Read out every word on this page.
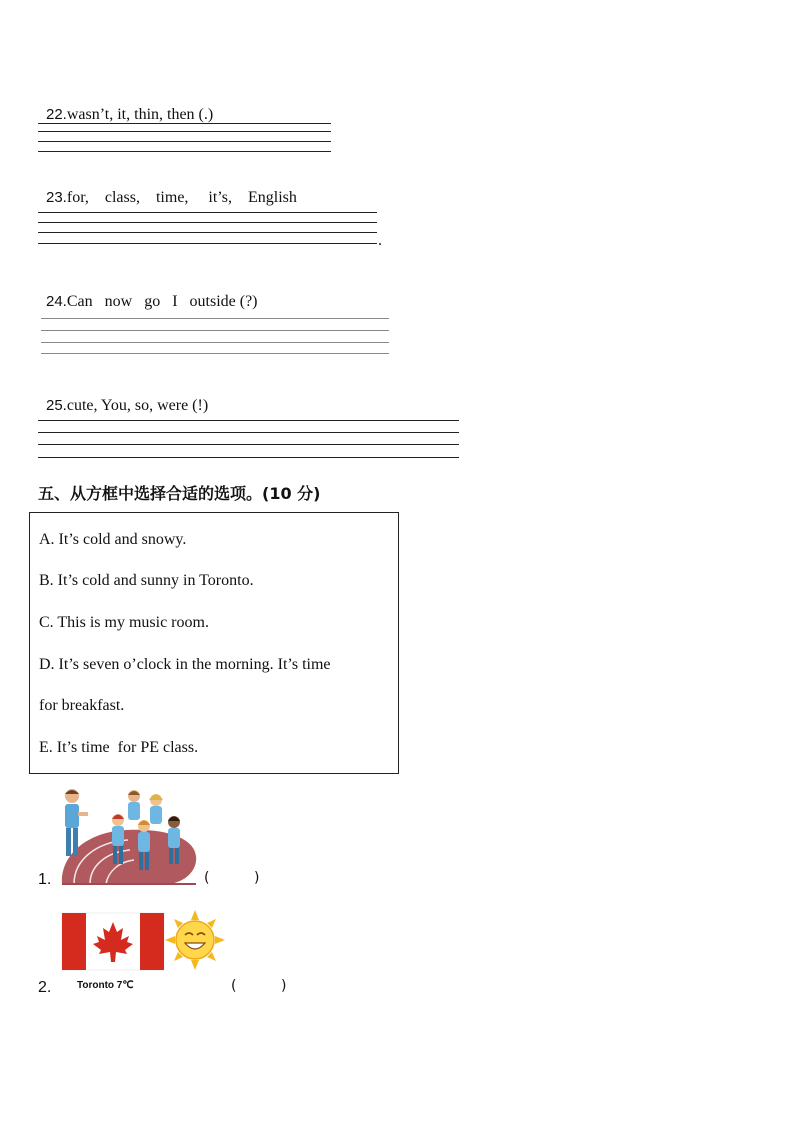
22.wasn’t, it, thin, then (.)

23.for,    class,    time,     it’s,    English

.

24.Can   now   go   I   outside (?)

25.cute, You, so, were (!)

五、从方框中选择合适的选项。(10 分)
A. It’s cold and snowy.
B. It’s cold and sunny in Toronto.
C. This is my music room.
D. It’s seven o’clock in the morning. It’s time
for breakfast.
E. It’s time  for PE class.
1.	(          )
2.	Toronto 7℃	(          )
